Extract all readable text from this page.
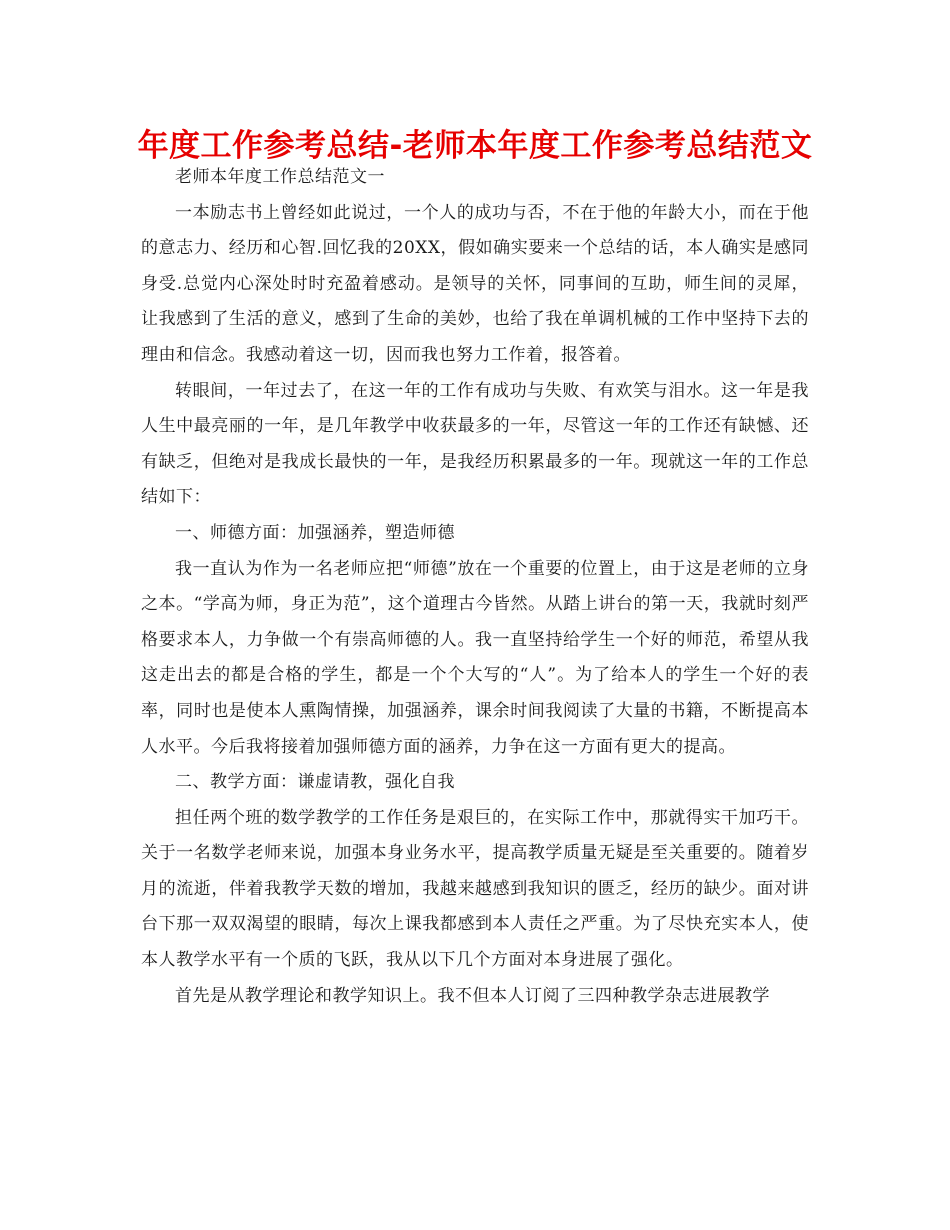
年度工作参考总结-老师本年度工作参考总结范文

老师本年度工作总结范文一

一本励志书上曾经如此说过，一个人的成功与否，不在于他的年龄大小，而在于他的意志力、经历和心智.回忆我的20XX，假如确实要来一个总结的话，本人确实是感同身受.总觉内心深处时时充盈着感动。是领导的关怀，同事间的互助，师生间的灵犀，让我感到了生活的意义，感到了生命的美妙，也给了我在单调机械的工作中坚持下去的理由和信念。我感动着这一切，因而我也努力工作着，报答着。

转眼间，一年过去了，在这一年的工作有成功与失败、有欢笑与泪水。这一年是我人生中最亮丽的一年，是几年教学中收获最多的一年，尽管这一年的工作还有缺憾、还有缺乏，但绝对是我成长最快的一年，是我经历积累最多的一年。现就这一年的工作总结如下：

一、师德方面：加强涵养，塑造师德

我一直认为作为一名老师应把“师德”放在一个重要的位置上，由于这是老师的立身之本。“学高为师，身正为范”，这个道理古今皆然。从踏上讲台的第一天，我就时刻严格要求本人，力争做一个有崇高师德的人。我一直坚持给学生一个好的师范，希望从我这走出去的都是合格的学生，都是一个个大写的“人”。为了给本人的学生一个好的表率，同时也是使本人熏陶情操，加强涵养，课余时间我阅读了大量的书籍，不断提高本人水平。今后我将接着加强师德方面的涵养，力争在这一方面有更大的提高。

二、教学方面：谦虚请教，强化自我

担任两个班的数学教学的工作任务是艰巨的，在实际工作中，那就得实干加巧干。关于一名数学老师来说，加强本身业务水平，提高教学质量无疑是至关重要的。随着岁月的流逝，伴着我教学天数的增加，我越来越感到我知识的匮乏，经历的缺少。面对讲台下那一双双渴望的眼睛，每次上课我都感到本人责任之严重。为了尽快充实本人，使本人教学水平有一个质的飞跃，我从以下几个方面对本身进展了强化。

首先是从教学理论和教学知识上。我不但本人订阅了三四种教学杂志进展教学
